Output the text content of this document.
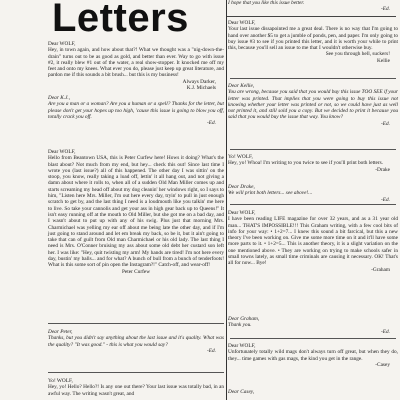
Letters

Dear WOLF,

Hey, in town again, and how about that?! What we thought was a "nig-down-the-drain" turns out to be as good as gold, and better than ever. Way to go with issue #2, it really blew #1 out of the water, a real show-stopper. It knocked me off my feet and onto my knees. What ever you do, please just keep up great literature, and pardon me if this sounds a bit brush... but this is my business!

Always Darker,

K.J. Michaels

Dear K.J.,

Are you a man or a woman? Are you a human or a spell? Thanks for the letter, but please don't get your hopes up too high, 'cause this issue is going to blow you off, totally crack you off.

-Ed.

Dear WOLF,

Hello from Beantown USA, this is Peter Curfew here! Hows it doing? What's the blast about? Not much from my end, but hey... check this out! Since last time I wrote you (last issue?) all of this happened. The other day I was sittin' on the stoop, you know, really taking a load off, lettin' it all hang out, and not giving a damn about where it rolls to, when all of a sudden Old Man Miller comes up and starts screaming my head off about my dog cleanin' her windows right, so I says to him, "Listen here Mrs. Miller, I'm out here every day, tryin' to pull in just enough scratch to get by, and the last thing I need is a loudmouth like you talkin' me here to live. So take your cannolis and get your ass in high gear back up to Queens!" It isn't easy running off at the mouth to Old Miller, but she got me on a bad day, and I wasn't about to put up with any of his swig. Plus just that morning Mrs. Charmichael was yelling my ear off about me being late the other day, and if I'm just going to stand around and let em break my back, so be it, but it ain't going to take that can of guilt from Old man Charmichael or his old lady. The last thing I need is Mrs. O'Conner bruising my ass about some old debt her custard son left her. I was like: "Hey, quit twisting my arm! My hands are tired! I'm not here every day, bustin' my balls... and for what? A bunch of bull from a bunch of tenderfoots! What is this some sort of pin open the Instagram?!" Catch-off, and wear-off!

Peter Curfew

Dear Peter,

Thanks, but you didn't say anything about the last issue and it's quality. What was the quality? "It was good." - this is what you would say?

-Ed.

Yo! WOLF,

Hey, yo! Hello? Hello?! Is any one out there? Your last issue was totally bad, in an awful way. The writing wasn't great, and

I hope that you like this issue better.

-Ed.

Dear WOLF,

Your last issue dissapointed me a great deal. There is no way that I'm going to hand over another $5 to get a jumble of ponds, pen, and paper. I'm only going to buy issue #3 to see if you printed this letter, and it is worth your while to print this, because you'll sell an issue to me that I wouldn't otherwise buy.

See you through hell, suckers!

Kellie

Dear Kellie,

You are wrong, because you said that you would buy this issue TOO SEE if your letter was printed. That implies that you were going to buy this issue not knowing whether your letter was printed or not, so we could have just as well not printed it, and still sold you a copy. But we decided to print it because you said that you would buy the issue that way. You know?

-Ed.

Yo! WOLF,

Hey, yo! Whoa! I'm writing to you twice to see if you'll print both letters.

-Drake

Dear Drake,

We will print both letters... see above!...

-Ed.

Dear WOLF,

I have been reading LIFE magazine for over 32 years, and as a 31 year old man... THAT'S IMPOSSIBLE!!! This Graham writing, with a few cool bits of info for your way: • 1+2=7... I knew this sound a bit farcical, but this a new theory I've been working on. Give me some more time on it and it'll have some more parts to it. • 1+2=5... This is another theory, it is a slight variation on the one mentioned above. • They are working on trying to make schools safer in small towns lately, as small time criminals are causing it necessary. OK! That's all for now... Bye!

-Graham

Dear Graham,

Thank you.

-Ed.

Dear WOLF,

Unfortunately totally wild mags don't always turn off great, but when they do, they... time games with gas mags, the kind you get in the range.

-Casey

Dear Casey,
